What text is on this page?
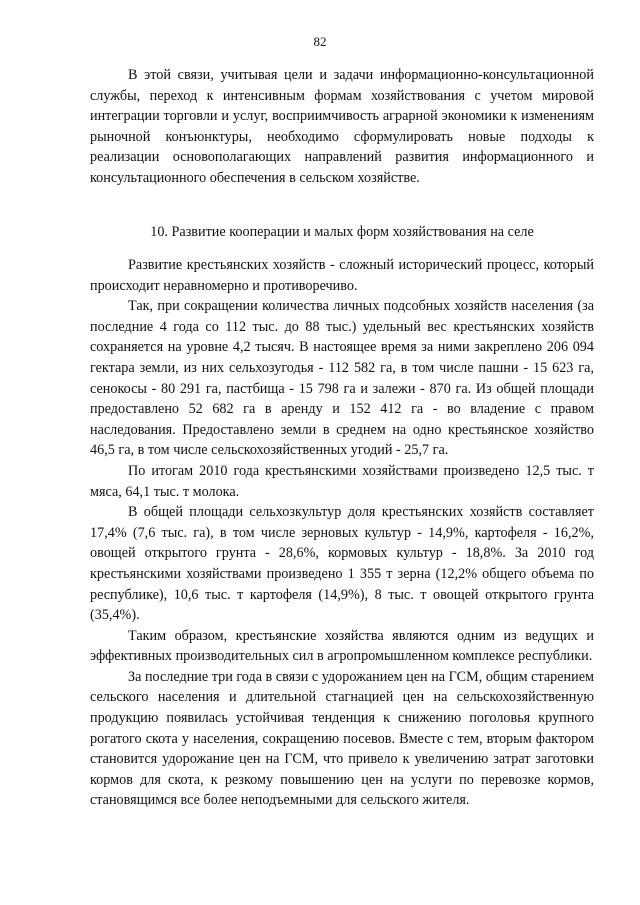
82

В этой связи, учитывая цели и задачи информационно-консультационной службы, переход к интенсивным формам хозяйствования с учетом мировой интеграции торговли и услуг, восприимчивость аграрной экономики к изменениям рыночной конъюнктуры, необходимо сформулировать новые подходы к реализации основополагающих направлений развития информационного и консультационного обеспечения в сельском хозяйстве.

10. Развитие кооперации и малых форм хозяйствования на селе

Развитие крестьянских хозяйств - сложный исторический процесс, который происходит неравномерно и противоречиво.

Так, при сокращении количества личных подсобных хозяйств населения (за последние 4 года со 112 тыс. до 88 тыс.) удельный вес крестьянских хозяйств сохраняется на уровне 4,2 тысяч. В настоящее время за ними закреплено 206 094 гектара земли, из них сельхозугодья - 112 582 га, в том числе пашни - 15 623 га, сенокосы - 80 291 га, пастбища - 15 798 га и залежи - 870 га. Из общей площади предоставлено 52 682 га в аренду и 152 412 га - во владение с правом наследования. Предоставлено земли в среднем на одно крестьянское хозяйство 46,5 га, в том числе сельскохозяйственных угодий - 25,7 га.

По итогам 2010 года крестьянскими хозяйствами произведено 12,5 тыс. т мяса, 64,1 тыс. т молока.

В общей площади сельхозкультур доля крестьянских хозяйств составляет 17,4% (7,6 тыс. га), в том числе зерновых культур - 14,9%, картофеля - 16,2%, овощей открытого грунта - 28,6%, кормовых культур - 18,8%. За 2010 год крестьянскими хозяйствами произведено 1 355 т зерна (12,2% общего объема по республике), 10,6 тыс. т картофеля (14,9%), 8 тыс. т овощей открытого грунта (35,4%).

Таким образом, крестьянские хозяйства являются одним из ведущих и эффективных производительных сил в агропромышленном комплексе республики.

За последние три года в связи с удорожанием цен на ГСМ, общим старением сельского населения и длительной стагнацией цен на сельскохозяйственную продукцию появилась устойчивая тенденция к снижению поголовья крупного рогатого скота у населения, сокращению посевов. Вместе с тем, вторым фактором становится удорожание цен на ГСМ, что привело к увеличению затрат заготовки кормов для скота, к резкому повышению цен на услуги по перевозке кормов, становящимся все более неподъемными для сельского жителя.
